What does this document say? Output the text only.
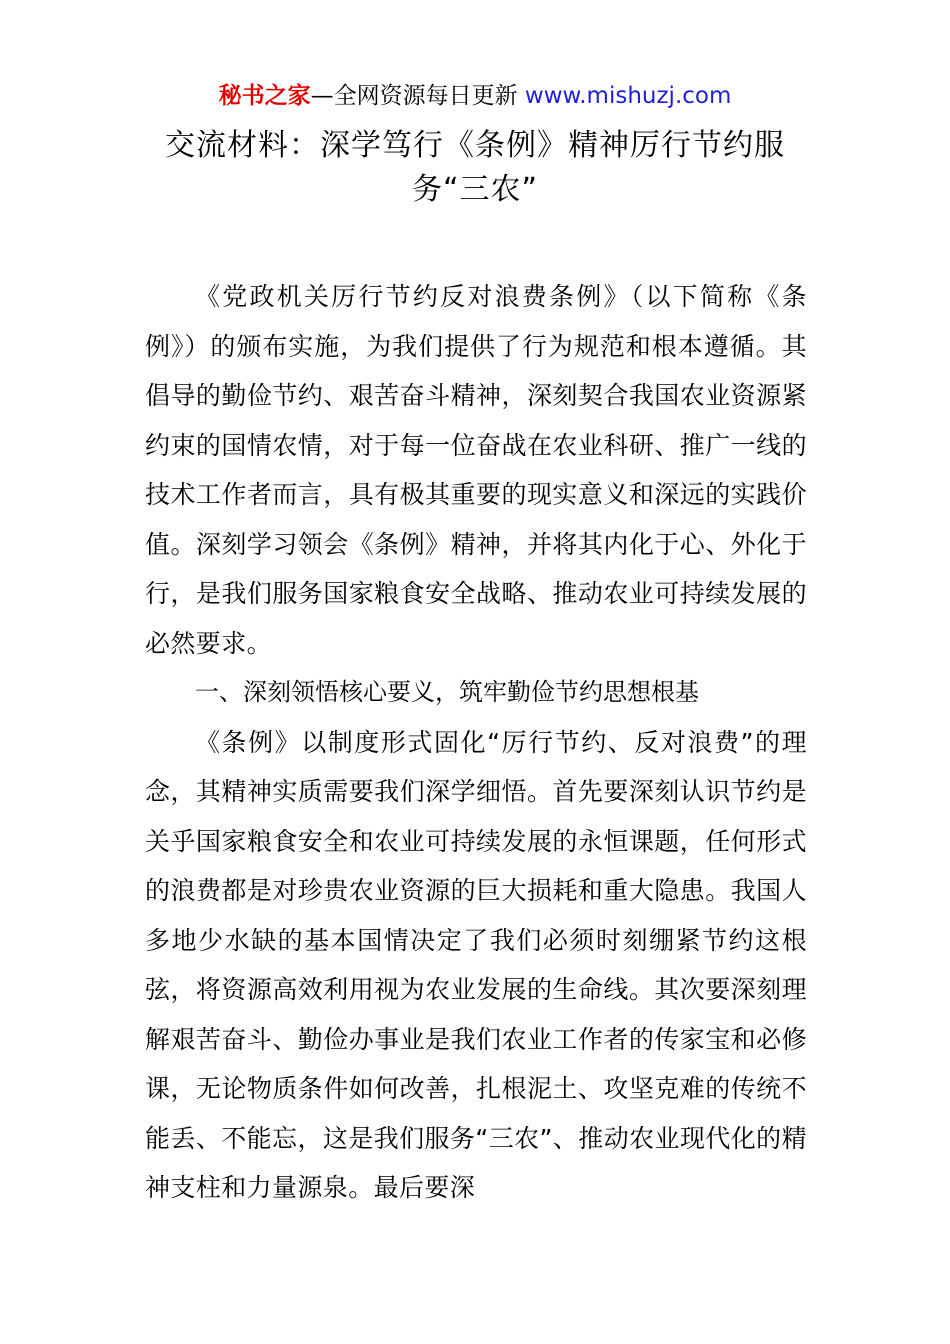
秘书之家—全网资源每日更新 www.mishuzj.com
交流材料：深学笃行《条例》精神厉行节约服务“三农”

《党政机关厉行节约反对浪费条例》（以下简称《条例》）的颁布实施，为我们提供了行为规范和根本遵循。其倡导的勤俭节约、艰苦奋斗精神，深刻契合我国农业资源紧约束的国情农情，对于每一位奋战在农业科研、推广一线的技术工作者而言，具有极其重要的现实意义和深远的实践价值。深刻学习领会《条例》精神，并将其内化于心、外化于行，是我们服务国家粮食安全战略、推动农业可持续发展的必然要求。

一、深刻领悟核心要义，筑牢勤俭节约思想根基

《条例》以制度形式固化“厉行节约、反对浪费”的理念，其精神实质需要我们深学细悟。首先要深刻认识节约是关乎国家粮食安全和农业可持续发展的永恒课题，任何形式的浪费都是对珍贵农业资源的巨大损耗和重大隐患。我国人多地少水缺的基本国情决定了我们必须时刻绷紧节约这根弦，将资源高效利用视为农业发展的生命线。其次要深刻理解艰苦奋斗、勤俭办事业是我们农业工作者的传家宝和必修课，无论物质条件如何改善，扎根泥土、攻坚克难的传统不能丢、不能忘，这是我们服务“三农”、推动农业现代化的精神支柱和力量源泉。最后要深
